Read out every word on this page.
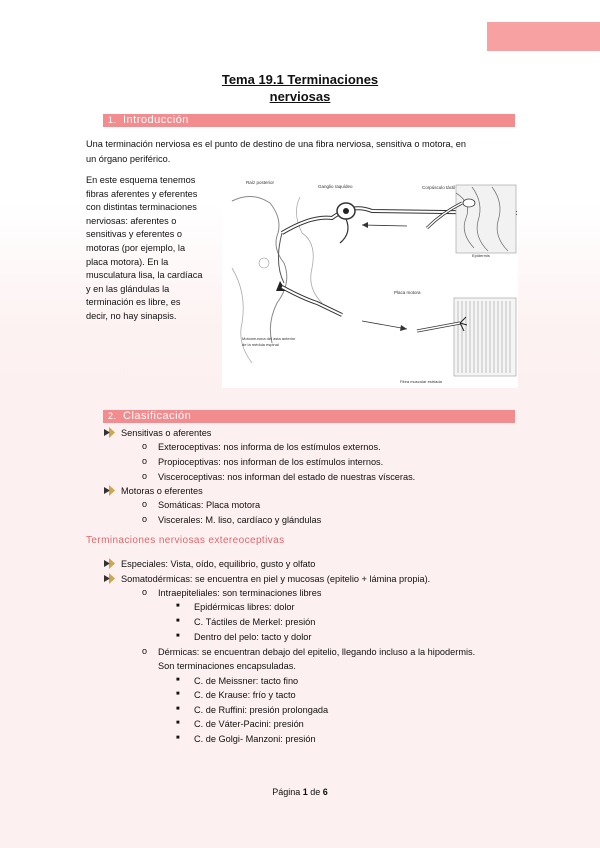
Tema 19.1 Terminaciones
nerviosas
1. Introducción
Una terminación nerviosa es el punto de destino de una fibra nerviosa, sensitiva o motora, en
un órgano periférico.
En este esquema tenemos
fibras aferentes y eferentes
con distintas terminaciones
nerviosas: aferentes o
sensitivas y eferentes o
motoras (por ejemplo, la
placa motora). En la
musculatura lisa, la cardíaca
y en las glándulas la
terminación es libre, es
decir, no hay sinapsis.
Raíz posterior
Ganglio raquídeo	Corpúsculo táctil
Epidermis
Placa motora
Motoneurona del asta anterior
de la médula espinal
Fibra muscular estriada
2. Clasificación
Sensitivas o aferentes
o Exteroceptivas: nos informa de los estímulos externos.
o Propioceptivas: nos informan de los estímulos internos.
o Visceroceptivas: nos informan del estado de nuestras vísceras.
Motoras o eferentes
o Somáticas: Placa motora
o Viscerales: M. liso, cardíaco y glándulas
Terminaciones nerviosas extereoceptivas
Especiales: Vista, oído, equilibrio, gusto y olfato
Somatodérmicas: se encuentra en piel y mucosas (epitelio + lámina propia).
o Intraepiteliales: son terminaciones libres
■ Epidérmicas libres: dolor
■ C. Táctiles de Merkel: presión
■ Dentro del pelo: tacto y dolor
o Dérmicas: se encuentran debajo del epitelio, llegando incluso a la hipodermis.
Son terminaciones encapsuladas.
■ C. de Meissner: tacto fino
■ C. de Krause: frío y tacto
■ C. de Ruffini: presión prolongada
■ C. de Váter-Pacini: presión
■ C. de Golgi- Manzoni: presión
Página 1 de 6
